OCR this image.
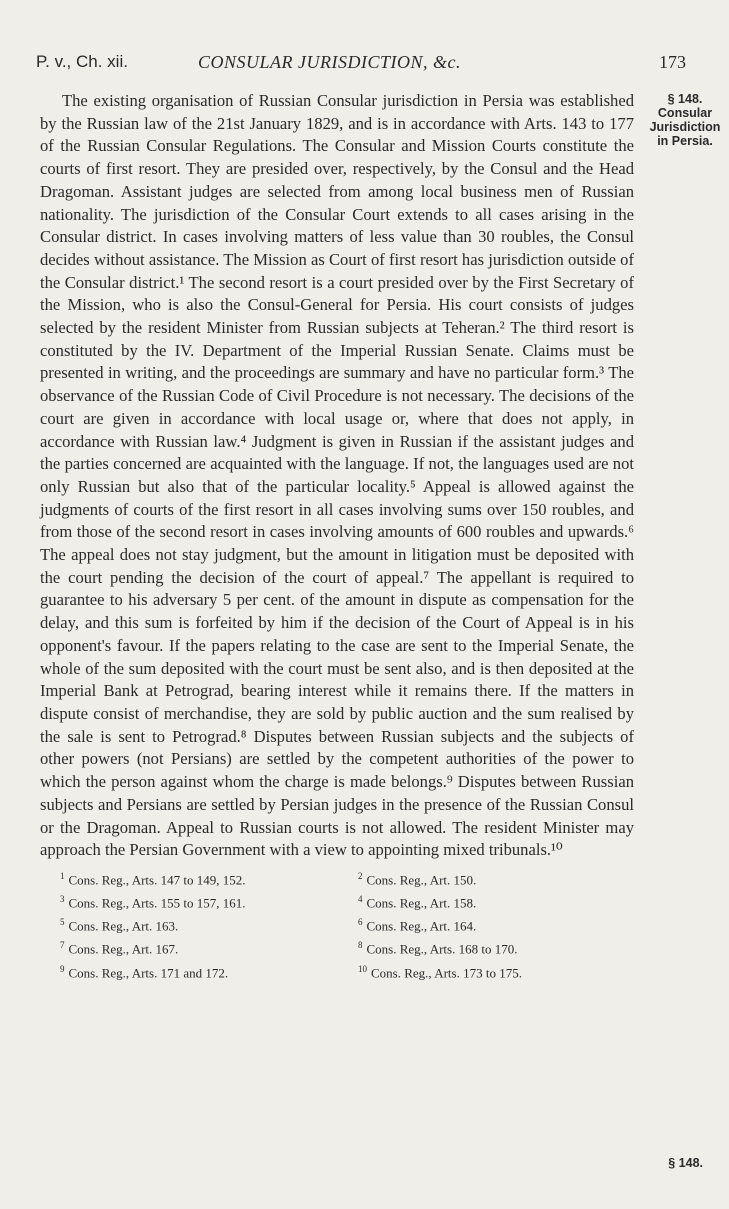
P. v., Ch. xii.	CONSULAR JURISDICTION, &c.	173
The existing organisation of Russian Consular jurisdiction in Persia was established by the Russian law of the 21st January 1829, and is in accordance with Arts. 143 to 177 of the Russian Consular Regulations. The Consular and Mission Courts constitute the courts of first resort. They are presided over, respectively, by the Consul and the Head Dragoman. Assistant judges are selected from among local business men of Russian nationality. The jurisdiction of the Consular Court extends to all cases arising in the Consular district. In cases involving matters of less value than 30 roubles, the Consul decides without assistance. The Mission as Court of first resort has jurisdiction outside of the Consular district.¹ The second resort is a court presided over by the First Secretary of the Mission, who is also the Consul-General for Persia. His court consists of judges selected by the resident Minister from Russian subjects at Teheran.² The third resort is constituted by the IV. Department of the Imperial Russian Senate. Claims must be presented in writing, and the proceedings are summary and have no particular form.³ The observance of the Russian Code of Civil Procedure is not necessary. The decisions of the court are given in accordance with local usage or, where that does not apply, in accordance with Russian law.⁴ Judgment is given in Russian if the assistant judges and the parties concerned are acquainted with the language. If not, the languages used are not only Russian but also that of the particular locality.⁵ Appeal is allowed against the judgments of courts of the first resort in all cases involving sums over 150 roubles, and from those of the second resort in cases involving amounts of 600 roubles and upwards.⁶ The appeal does not stay judgment, but the amount in litigation must be deposited with the court pending the decision of the court of appeal.⁷ The appellant is required to guarantee to his adversary 5 per cent. of the amount in dispute as compensation for the delay, and this sum is forfeited by him if the decision of the Court of Appeal is in his opponent's favour. If the papers relating to the case are sent to the Imperial Senate, the whole of the sum deposited with the court must be sent also, and is then deposited at the Imperial Bank at Petrograd, bearing interest while it remains there. If the matters in dispute consist of merchandise, they are sold by public auction and the sum realised by the sale is sent to Petrograd.⁸ Disputes between Russian subjects and the subjects of other powers (not Persians) are settled by the competent authorities of the power to which the person against whom the charge is made belongs.⁹ Disputes between Russian subjects and Persians are settled by Persian judges in the presence of the Russian Consul or the Dragoman. Appeal to Russian courts is not allowed. The resident Minister may approach the Persian Government with a view to appointing mixed tribunals.¹⁰
§ 148.
Consular
Jurisdiction
in Persia.
$^1$ Cons. Reg., Arts. 147 to 149, 152.
$^3$ Cons. Reg., Arts. 155 to 157, 161.
$^5$ Cons. Reg., Art. 163.
$^7$ Cons. Reg., Art. 167.
$^9$ Cons. Reg., Arts. 171 and 172.
$^2$ Cons. Reg., Art. 150.
$^4$ Cons. Reg., Art. 158.
$^6$ Cons. Reg., Art. 164.
$^8$ Cons. Reg., Arts. 168 to 170.
$^{10}$ Cons. Reg., Arts. 173 to 175.
§ 148.
